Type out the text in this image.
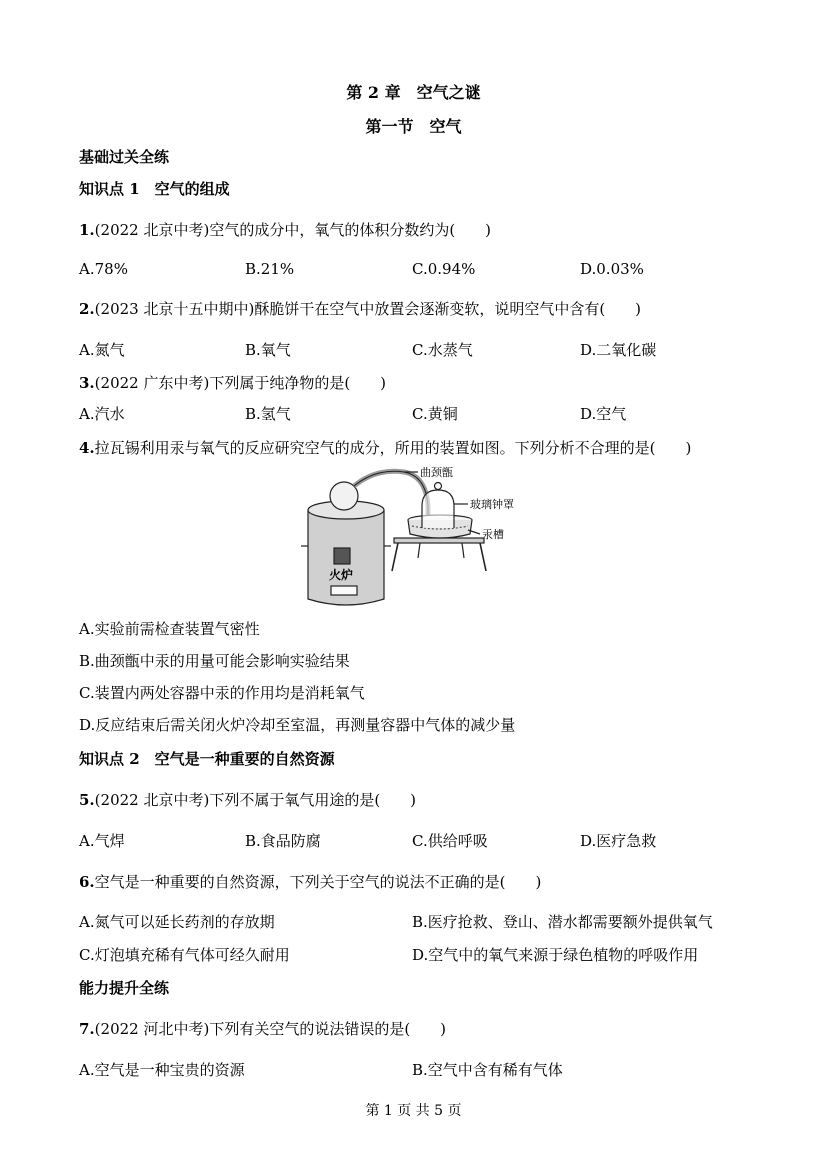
第 2 章　空气之谜
第一节　空气
基础过关全练
知识点 1　空气的组成
1.(2022 北京中考)空气的成分中，氧气的体积分数约为(　　)
A.78%	B.21%	C.0.94%	D.0.03%
2.(2023 北京十五中期中)酥脆饼干在空气中放置会逐渐变软，说明空气中含有(　　)
A.氮气	B.氧气	C.水蒸气	D.二氧化碳
3.(2022 广东中考)下列属于纯净物的是(　　)
A.汽水	B.氢气	C.黄铜	D.空气
4.拉瓦锡利用汞与氧气的反应研究空气的成分，所用的装置如图。下列分析不合理的是(　　)
曲颈甑
玻璃钟罩
汞槽
火炉
A.实验前需检查装置气密性
B.曲颈甑中汞的用量可能会影响实验结果
C.装置内两处容器中汞的作用均是消耗氧气
D.反应结束后需关闭火炉冷却至室温，再测量容器中气体的减少量
知识点 2　空气是一种重要的自然资源
5.(2022 北京中考)下列不属于氧气用途的是(　　)
A.气焊	B.食品防腐	C.供给呼吸	D.医疗急救
6.空气是一种重要的自然资源，下列关于空气的说法不正确的是(　　)
A.氮气可以延长药剂的存放期	B.医疗抢救、登山、潜水都需要额外提供氧气
C.灯泡填充稀有气体可经久耐用	D.空气中的氧气来源于绿色植物的呼吸作用
能力提升全练
7.(2022 河北中考)下列有关空气的说法错误的是(　　)
A.空气是一种宝贵的资源	B.空气中含有稀有气体
第 1 页 共 5 页
